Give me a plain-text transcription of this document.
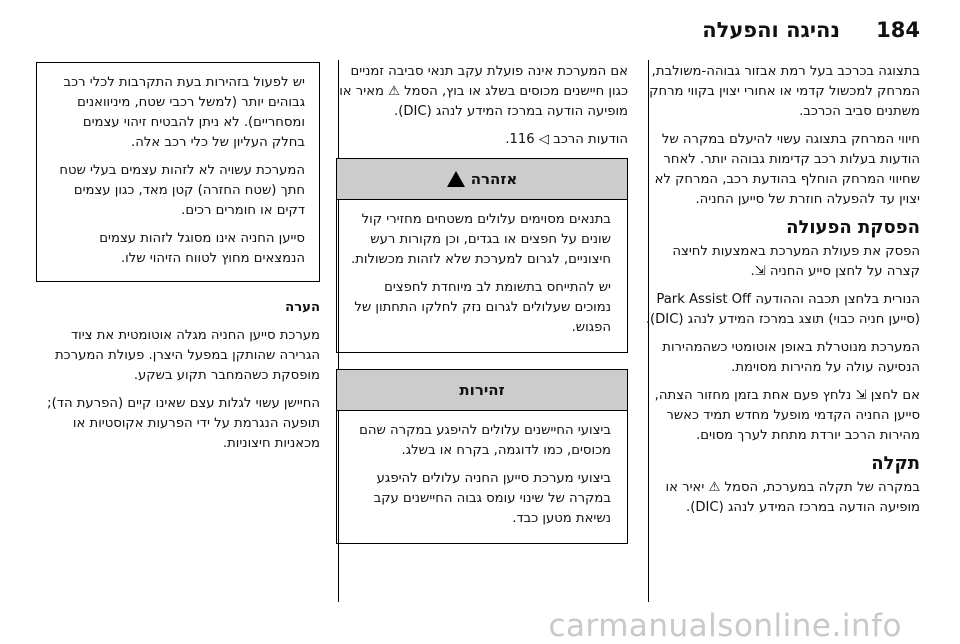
184
נהיגה והפעלה

בתצוגה בכרכב בעל רמת אבזור גבוהה-משולבת, המרחק למכשול קדמי או אחורי יצוין בקווי מרחק משתנים סביב הכרכב.

חיווי המרחק בתצוגה עשוי להיעלם במקרה של הודעות בעלות רכב קדימות גבוהה יותר. לאחר שחיווי המרחק הוחלף בהודעת רכב, המרחק לא יצוין עד להפעלה חוזרת של סייען החניה.

הפסקת הפעולה

הפסק את פעולת המערכת באמצעות לחיצה קצרה על לחצן סייע החניה ⇲.

הנורית בלחצן תכבה וההודעה Park Assist Off (סייען חניה כבוי) תוצג במרכז המידע לנהג (DIC).

המערכת מנוטרלת באופן אוטומטי כשהמהירות הנסיעה עולה על מהירות מסוימת.

אם לחצן ⇲ נלחץ פעם אחת בזמן מחזור הצתה, סייען החניה הקדמי מופעל מחדש תמיד כאשר מהירות הרכב יורדת מתחת לערך מסוים.

תקלה

במקרה של תקלה במערכת, הסמל ⚠ יאיר או מופיעה הודעה במרכז המידע לנהג (DIC).

אם המערכת אינה פועלת עקב תנאי סביבה זמניים כגון חיישנים מכוסים בשלג או בוץ, הסמל ⚠ מאיר או מופיעה הודעה במרכז המידע לנהג (DIC).

הודעות הרכב ◁ 116.

אזהרה

בתנאים מסוימים עלולים משטחים מחזירי קול שונים על חפצים או בגדים, וכן מקורות רעש חיצוניים, לגרום למערכת שלא לזהות מכשולות.

יש להתייחס בתשומת לב מיוחדת לחפצים נמוכים שעלולים לגרום נזק לחלקו התחתון של הפגוש.

זהירות

ביצועי החיישנים עלולים להיפגע במקרה שהם מכוסים, כמו לדוגמה, בקרח או בשלג.

ביצועי מערכת סייען החניה עלולים להיפגע במקרה של שינוי עומס גבוה החיישנים עקב נשיאת מטען כבד.

יש לפעול בזהירות בעת התקרבות לכלי רכב גבוהים יותר (למשל רכבי שטח, מיניוואנים ומסחריים). לא ניתן להבטיח זיהוי עצמים בחלק העליון של כלי רכב אלה.

המערכת עשויה לא לזהות עצמים בעלי שטח חתך (שטח החזרה) קטן מאד, כגון עצמים דקים או חומרים רכים.

סייען החניה אינו מסוגל לזהות עצמים הנמצאים מחוץ לטווח הזיהוי שלו.

הערה

מערכת סייען החניה מגלה אוטומטית את ציוד הגרירה שהותקן במפעל היצרן. פעולת המערכת מופסקת כשהמחבר תקוע בשקע.

החיישן עשוי לגלות עצם שאינו קיים (הפרעת הד); תופעה הנגרמת על ידי הפרעות אקוסטיות או מכאניות חיצוניות.

carmanualsonline.info
